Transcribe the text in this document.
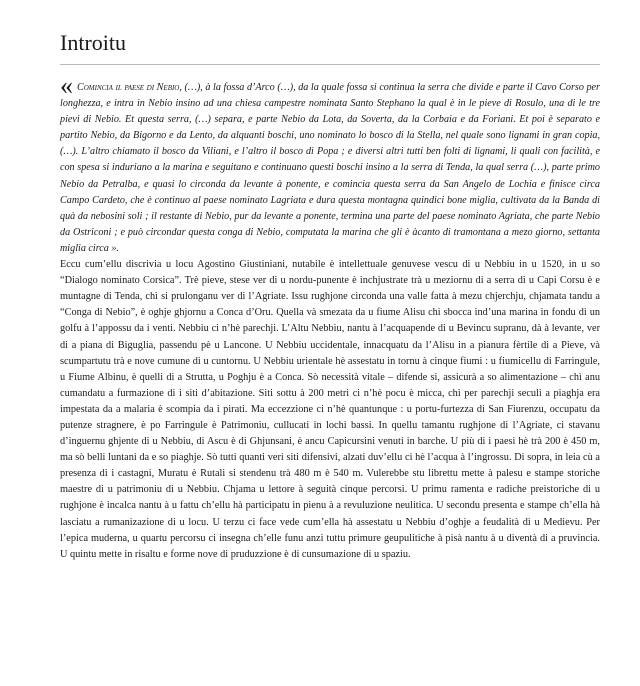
Introitu

« Comincia il paese di Nebio, (…), à la fossa d’Arco (…), da la quale fossa si continua la serra che divide e parte il Cavo Corso per longhezza, e intra in Nebio insino ad una chiesa campestre nominata Santo Stephano la qual è in le pieve di Rosulo, una di le tre pievi di Nebio. Et questa serra, (…) separa, e parte Nebio da Lota, da Soverta, da la Corbaia e da Foriani. Et poi è separato e partito Nebio, da Bigorno e da Lento, da alquanti boschi, uno nominato lo bosco di la Stella, nel quale sono lignami in gran copia, (…). L’altro chiamato il bosco da Viliani, e l’altro il bosco di Popa ; e diversi altri tutti ben folti di lignami, li quali con facilità, e con spesa si induriano a la marina e seguitano e continuano questi boschi insino a la serra di Tenda, la qual serra (…), parte primo Nebio da Petralba, e quasi lo circonda da levante à ponente, e comincia questa serra da San Angelo de Lochia e finisce circa Campo Cardeto, che è continuo al paese nominato Lagriata e dura questa montagna quindici bone miglia, cultivata da la Banda di quà da nebosini soli ; il restante di Nebio, pur da levante a ponente, termina una parte del paese nominato Agriata, che parte Nebio da Ostriconi ; e può circondar questa conga di Nebio, computata la marina che gli è àcanto di tramontana a mezo giorno, settanta miglia circa ».

Eccu cum’ellu discrivia u locu Agostino Giustiniani, nutabile è intellettuale genuvese vescu di u Nebbiu in u 1520, in u so “Dialogo nominato Corsica”. Trè pieve, stese ver di u nordu-punente è inchjustrate trà u meziornu di a serra di u Capi Corsu è e muntagne di Tenda, chì si prulonganu ver di l’Agriate. Issu rughjone circonda una valle fatta à mezu chjerchju, chjamata tandu a “Conga di Nebio”, è oghje ghjornu a Conca d’Oru. Quella và smezata da u fiume Alisu chì sbocca ind’una marina in fondu di un golfu à l’appossu da i venti. Nebbiu ci n’hè parechji. L’Altu Nebbiu, nantu à l’acquapende di u Bevincu supranu, dà à levante, ver di a piana di Biguglia, passendu pè u Lancone. U Nebbiu uccidentale, innacquatu da l’Alisu in a pianura fèrtile di a Pieve, và scumpartutu trà e nove cumune di u cuntornu. U Nebbiu urientale hè assestatu in tornu à cinque fiumi : u fiumicellu di Farringule, u Fiume Albinu, è quelli di a Strutta, u Poghju è a Conca. Sò necessità vitale – difende si, assicurà a so alimentazione – chì anu cumandatu a furmazione di i siti d’abitazione. Siti sottu à 200 metri ci n’hè pocu è micca, chì per parechji seculi a piaghja era impestata da a malaria è scompia da i pirati. Ma eccezzione ci n’hè quantunque : u portu-furtezza di San Fiurenzu, occupatu da putenze stragnere, è po Farringule è Patrimoniu, cullucati in lochi bassi. In quellu tamantu rughjone di l’Agriate, ci stavanu d’inguernu ghjente di u Nebbiu, di Ascu è di Ghjunsani, è ancu Capicursini venuti in barche. U più di i paesi hè trà 200 è 450 m, ma sò belli luntani da e so piaghje. Sò tutti quanti veri siti difensivi, alzati duv’ellu ci hè l’acqua à l’ingrossu. Di sopra, in leia cù a presenza di i castagni, Muratu è Rutali si stendenu trà 480 m è 540 m. Vulerebbe stu librettu mette à palesu e stampe storiche maestre di u patrimoniu di u Nebbiu. Chjama u lettore à seguità cinque percorsi. U primu ramenta e radiche preistoriche di u rughjone è incalca nantu à u fattu ch’ellu hà participatu in pienu à a revuluzione neulitica. U secondu presenta e stampe ch’ella hà lasciatu a rumanizazione di u locu. U terzu ci face vede cum’ella hà assestatu u Nebbiu d’oghje a feudalità di u Medievu. Per l’epica muderna, u quartu percorsu ci insegna ch’elle funu anzi tuttu primure geupulitiche à pisà nantu à u diventà di a pruvincia. U quintu mette in risaltu e forme nove di pruduzzione è di cunsumazione di u spaziu.
